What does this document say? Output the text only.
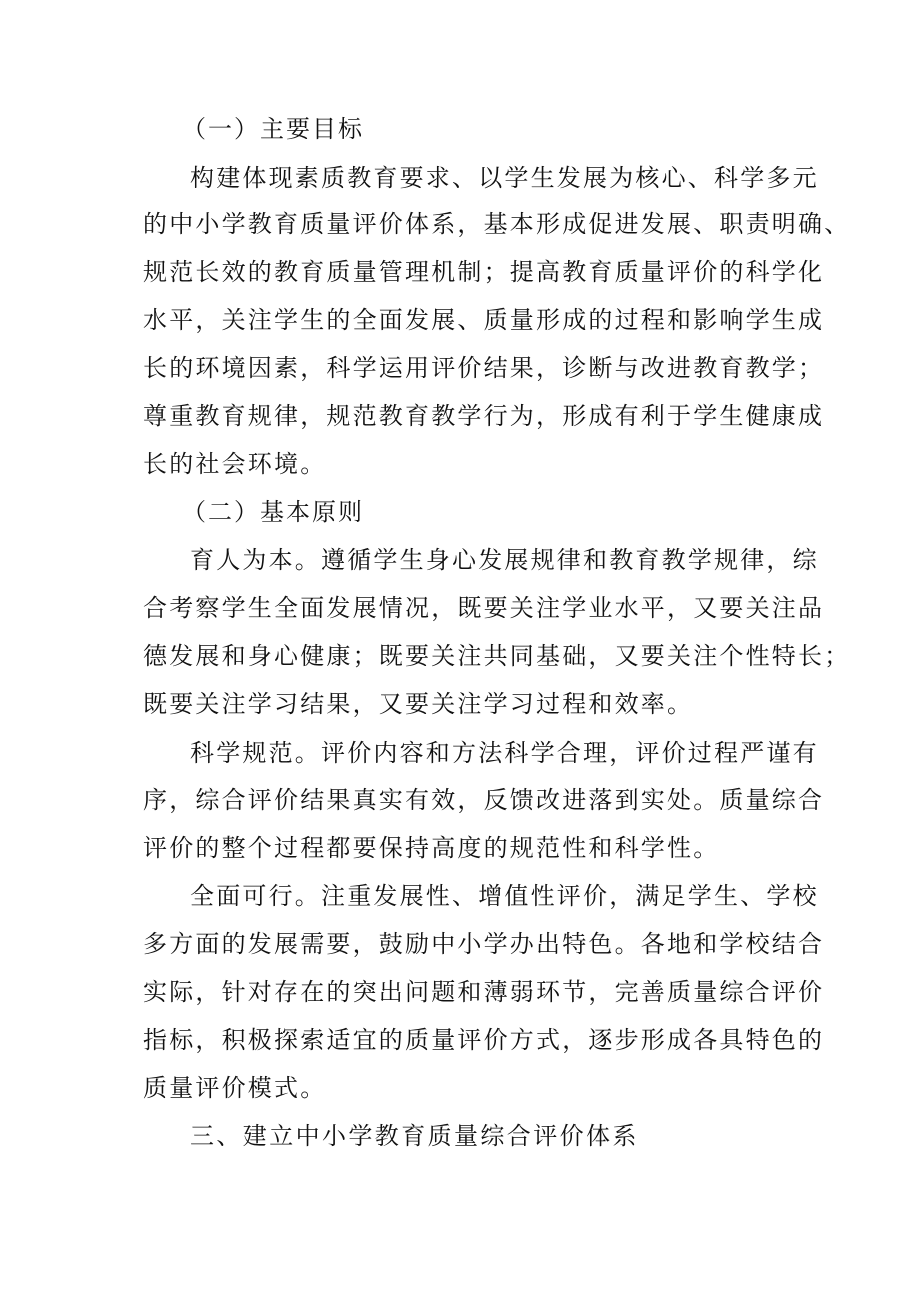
（一）主要目标
构建体现素质教育要求、以学生发展为核心、科学多元
的中小学教育质量评价体系，基本形成促进发展、职责明确、
规范长效的教育质量管理机制；提高教育质量评价的科学化
水平，关注学生的全面发展、质量形成的过程和影响学生成
长的环境因素，科学运用评价结果，诊断与改进教育教学；
尊重教育规律，规范教育教学行为，形成有利于学生健康成
长的社会环境。
（二）基本原则
育人为本。遵循学生身心发展规律和教育教学规律，综
合考察学生全面发展情况，既要关注学业水平，又要关注品
德发展和身心健康；既要关注共同基础，又要关注个性特长；
既要关注学习结果，又要关注学习过程和效率。
科学规范。评价内容和方法科学合理，评价过程严谨有
序，综合评价结果真实有效，反馈改进落到实处。质量综合
评价的整个过程都要保持高度的规范性和科学性。
全面可行。注重发展性、增值性评价，满足学生、学校
多方面的发展需要，鼓励中小学办出特色。各地和学校结合
实际，针对存在的突出问题和薄弱环节，完善质量综合评价
指标，积极探索适宜的质量评价方式，逐步形成各具特色的
质量评价模式。
三、建立中小学教育质量综合评价体系
